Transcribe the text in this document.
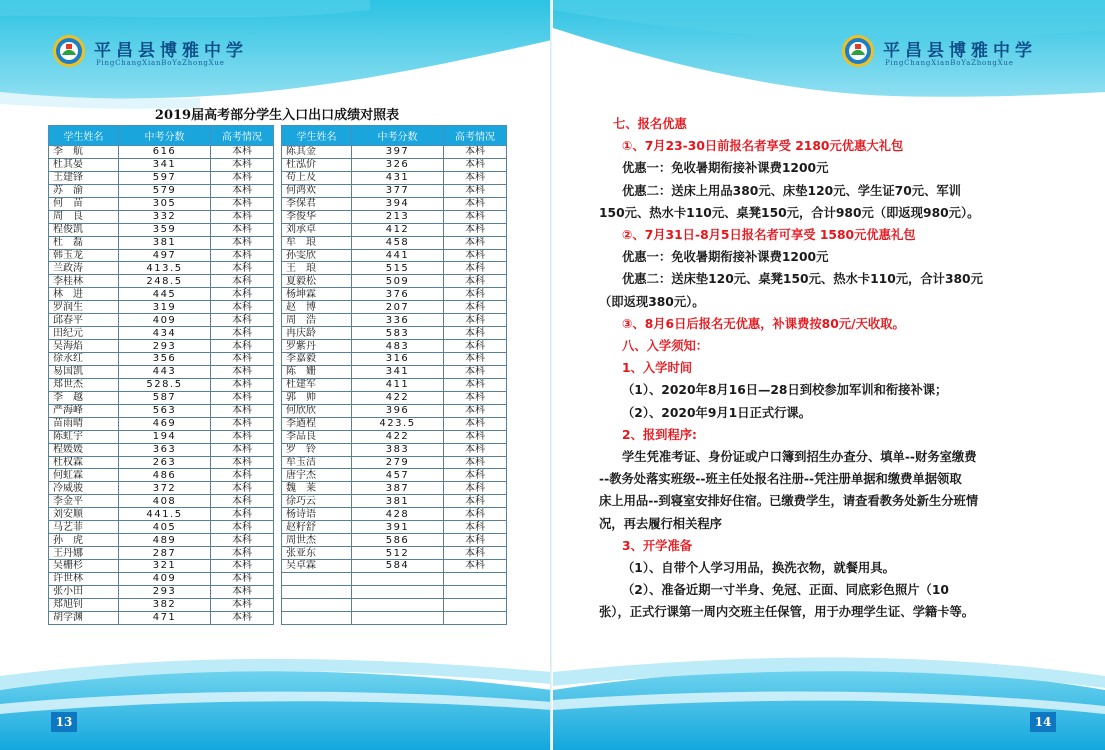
平昌县博雅中学
PingChangXianBoYaZhongXue
2019届高考部分学生入口出口成绩对照表
学生姓名	中考分数	高考情况
李　航	616	本科
杜其晏	341	本科
王建锋	597	本科
苏　渝	579	本科
何　苗	305	本科
周　良	332	本科
程俊凯	359	本科
杜　磊	381	本科
韩玉龙	497	本科
兰政涛	413.5	本科
李桂林	248.5	本科
林　进	445	本科
罗润生	319	本科
邱春平	409	本科
田纪元	434	本科
吴海焰	293	本科
徐永红	356	本科
易国凯	443	本科
郑世杰	528.5	本科
李　越	587	本科
严海峰	563	本科
苗雨晴	469	本科
陈虹宇	194	本科
程媛媛	363	本科
杜权霖	263	本科
何虹霖	486	本科
冷威骏	372	本科
李金平	408	本科
刘安顺	441.5	本科
马艺菲	405	本科
孙　虎	489	本科
王丹娜	287	本科
吴栅杉	321	本科
许世林	409	本科
张小田	293	本科
郑旭钊	382	本科
胡学渊	471	本科
学生姓名	中考分数	高考情况
陈其金	397	本科
杜泓价	326	本科
苟上及	431	本科
何鸿欢	377	本科
李保君	394	本科
李俊华	213	本科
刘承卓	412	本科
牟　琅	458	本科
孙雯欣	441	本科
王　琅	515	本科
夏毅松	509	本科
杨坤霖	376	本科
赵　博	207	本科
周　浩	336	本科
冉庆龄	583	本科
罗紫丹	483	本科
李嘉毅	316	本科
陈　姗	341	本科
杜建军	411	本科
郭　帅	422	本科
何欣欣	396	本科
李遒程	423.5	本科
李品良	422	本科
罗　铃	383	本科
牟玉洁	279	本科
唐宇杰	457	本科
魏　莱	387	本科
徐巧云	381	本科
杨诗语	428	本科
赵籽舒	391	本科
周世杰	586	本科
张亚东	512	本科
吴卓霖	584	本科

13
平昌县博雅中学
PingChangXianBoYaZhongXue
七、报名优惠
①、7月23-30日前报名者享受 2180元优惠大礼包
优惠一：免收暑期衔接补课费1200元
优惠二：送床上用品380元、床垫120元、学生证70元、军训
150元、热水卡110元、桌凳150元，合计980元（即返现980元）。
②、7月31日-8月5日报名者可享受 1580元优惠礼包
优惠一：免收暑期衔接补课费1200元
优惠二：送床垫120元、桌凳150元、热水卡110元，合计380元
（即返现380元）。
③、8月6日后报名无优惠，补课费按80元/天收取。
八、入学须知：
1、入学时间
（1）、2020年8月16日—28日到校参加军训和衔接补课；
（2）、2020年9月1日正式行课。
2、报到程序:
学生凭准考证、身份证或户口簿到招生办查分、填单--财务室缴费
--教务处落实班级--班主任处报名注册--凭注册单据和缴费单据领取
床上用品--到寝室安排好住宿。已缴费学生，请查看教务处新生分班情
况，再去履行相关程序
3、开学准备
（1）、自带个人学习用品，换洗衣物，就餐用具。
（2）、准备近期一寸半身、免冠、正面、同底彩色照片（10
张），正式行课第一周内交班主任保管，用于办理学生证、学籍卡等。
14
